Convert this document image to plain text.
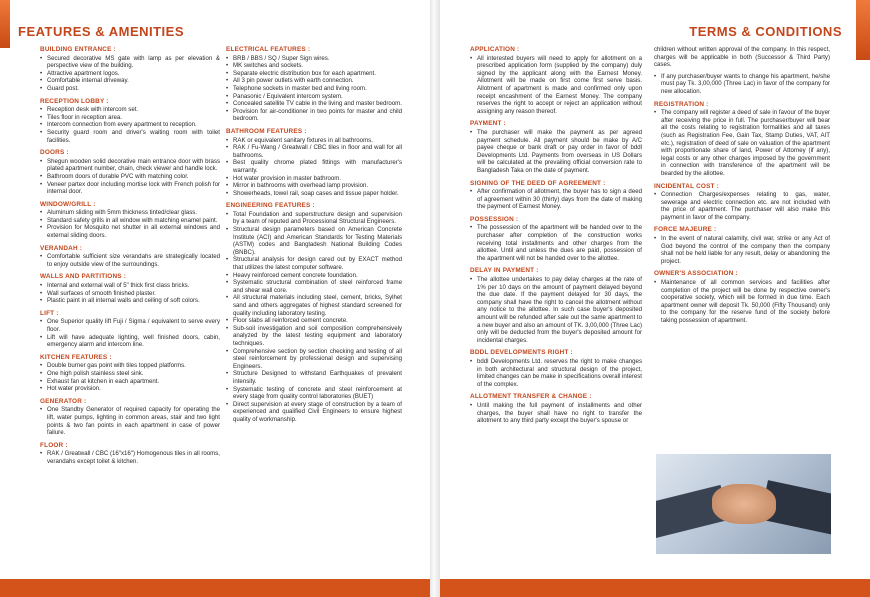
FEATURES & AMENITIES
BUILDING ENTRANCE :
• Secured decorative MS gate with lamp as per elevation & perspective view of the building.
• Attractive apartment logos.
• Comfortable internal driveway.
• Guard post.
RECEPTION LOBBY :
• Reception desk with intercom set.
• Tiles floor in reception area.
• Intercom connection from every apartment to reception.
• Security guard room and driver's waiting room with toilet facilities.
DOORS :
• Shegun wooden solid decorative main entrance door with brass plated apartment number, chain, check viewer and handle lock.
• Bathroom doors of durable PVC with matching color.
• Veneer partex door including mortise lock with French polish for internal door.
WINDOW/GRILL :
• Aluminum sliding with 5mm thickness tinted/clear glass.
• Standard safety grills in all window with matching enamel paint.
• Provision for Mosquito net shutter in all external windows and external sliding doors.
VERANDAH :
• Comfortable sufficient size verandahs are strategically located to enjoy outside view of the surroundings.
WALLS AND PARTITIONS :
• Internal and external wall of 5" thick first class bricks.
• Wall surfaces of smooth finished plaster.
• Plastic paint in all internal walls and ceiling of soft colors.
LIFT :
• One Superior quality lift Fuji / Sigma / equivalent to serve every floor.
• Lift will have adequate lighting, well finished doors, cabin, emergency alarm and intercom line.
KITCHEN FEATURES :
• Double burner gas point with tiles topped platforms.
• One high polish stainless steel sink.
• Exhaust fan at kitchen in each apartment.
• Hot water provision.
GENERATOR :
• One Standby Generator of required capacity for operating the lift, water pumps, lighting in common areas, stair and two light points & two fan points in each apartment in case of power failure.
FLOOR :
• RAK / Greatwall / CBC (16"x16") Homogenous tiles in all rooms, verandahs except toilet & kitchen.
ELECTRICAL FEATURES :
• BRB / BBS / SQ / Super Sign wires.
• MK switches and sockets.
• Separate electric distribution box for each apartment.
• All 3 pin power outlets with earth connection.
• Telephone sockets in master bed and living room.
• Panasonic / Equivalent intercom system.
• Concealed satellite TV cable in the living and master bedroom.
• Provision for air-conditioner in two points for master and child bedroom.
BATHROOM FEATURES :
• RAK or equivalent sanitary fixtures in all bathrooms.
• RAK / Fu-Wang / Greatwall / CBC tiles in floor and wall for all bathrooms.
• Best quality chrome plated fittings with manufacturer's warranty.
• Hot water provision in master bathroom.
• Mirror in bathrooms with overhead lamp provision.
• Showerheads, towel rail, soap cases and tissue paper holder.
ENGINEERING FEATURES :
• Total Foundation and superstructure design and supervision by a team of reputed and Processional Structural Engineers.
• Structural design parameters based on American Concrete Institute (ACI) and American Standards for Testing Materials (ASTM) codes and Bangladesh National Building Codes (BNBC).
• Structural analysis for design cared out by EXACT method that utilizes the latest computer software.
• Heavy reinforced cement concrete foundation.
• Systematic structural combination of steel reinforced frame and shear wall core.
• All structural materials including steel, cement, bricks, Sylhet sand and others aggregates of highest standard screened for quality including laboratory testing.
• Floor slabs all reinforced cement concrete.
• Sub-soil investigation and soil composition comprehensively analyzed by the latest testing equipment and laboratory techniques.
• Comprehensive section by section checking and testing of all steel reinforcement by professional design and supervising Engineers.
• Structure Designed to withstand Earthquakes of prevalent intensity.
• Systematic testing of concrete and steel reinforcement at every stage from quality control laboratories (BUET)
• Direct supervision at every stage of construction by a team of experienced and qualified Civil Engineers to ensure highest quality of workmanship.
10
TERMS & CONDITIONS
APPLICATION :
• All interested buyers will need to apply for allotment on a prescribed application form (supplied by the company) duly signed by the applicant along with the Earnest Money. Allotment will be made on first come first serve basis. Allotment of apartment is made and confirmed only upon receipt encashment of the Earnest Money. The company reserves the right to accept or reject an application without assigning any reason thereof.
PAYMENT :
• The purchaser will make the payment as per agreed payment schedule. All payment should be make by A/C payee cheque or bank draft or pay order in favor of bddl Developments Ltd. Payments from overseas in US Dollars will be calculated at the prevailing official conversion rate to Bangladesh Taka on the date of payment.
SIGNING OF THE DEED OF AGREEMENT :
• After confirmation of allotment, the buyer has to sign a deed of agreement within 30 (thirty) days from the date of making the payment of Earnest Money.
POSSESSION :
• The possession of the apartment will be handed over to the purchaser after completion of the construction works receiving total installments and other charges from the allottee. Until and unless the dues are paid, possession of the apartment will not be handed over to the allottee.
DELAY IN PAYMENT :
• The allottee undertakes to pay delay charges at the rate of 1% per 10 days on the amount of payment delayed beyond the due date. If the payment delayed for 30 days, the company shall have the right to cancel the allotment without any notice to the allottee. In such case buyer's deposited amount will be refunded after sale out the same apartment to a new buyer and also an amount of TK. 3,00,000 (Three Lac) only will be deducted from the buyer's deposited amount for incidental charges.
BDDL DEVELOPMENTS RIGHT :
• bddl Developments Ltd. reserves the right to make changes in both architectural and structural design of the project, limited changes can be make in specifications overall interest of the complex.
ALLOTMENT TRANSFER & CHANGE :
• Until making the full payment of installments and other charges, the buyer shall have no right to transfer the allotment to any third party except the buyer's spouse or
children without written approval of the company. In this respect, charges will be applicable in both (Successor & Third Party) cases.
• If any purchaser/buyer wants to change his apartment, he/she must pay Tk. 3,00,000 (Three Lac) in favor of the company for new allocation.
REGISTRATION :
• The company will register a deed of sale in favour of the buyer after receiving the price in full. The purchaser/buyer will bear all the costs relating to registration formalities and all taxes (such as Registration Fee, Gain Tax, Stamp Duties, VAT, AIT etc.), registration of deed of sale on valuation of the apartment with proportionate share of land, Power of Attorney (if any), legal costs or any other charges imposed by the government in connection with transference of the apartment will be bearded by the allottee.
INCIDENTAL COST :
• Connection Charges/expenses relating to gas, water, sewerage and electric connection etc. are not included with the price of apartment. The purchaser will also make this payment in favor of the company.
FORCE MAJEURE :
• In the event of natural calamity, civil war, strike or any Act of God beyond the control of the company then the company shall not be held liable for any result, delay or abandoning the project.
OWNER'S ASSOCIATION :
• Maintenance of all common services and facilities after completion of the project will be done by respective owner's cooperative society, which will be formed in due time. Each apartment owner will deposit Tk. 50,000 (Fifty Thousand) only to the company for the reserve fund of the society before taking possession of apartment.
11
